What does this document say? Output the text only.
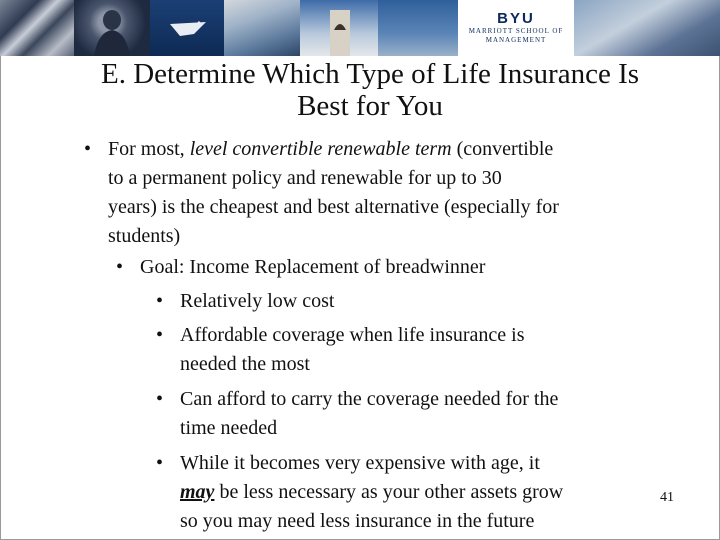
BYU
MARRIOTT SCHOOL OF MANAGEMENT
E. Determine Which Type of Life Insurance Is
Best for You
• For most, level convertible renewable term (convertible
to a permanent policy and renewable for up to 30
years) is the cheapest and best alternative (especially for
students)
• Goal: Income Replacement of breadwinner
• Relatively low cost
• Affordable coverage when life insurance is
needed the most
• Can afford to carry the coverage needed for the
time needed
• While it becomes very expensive with age, it
may be less necessary as your other assets grow
so you may need less insurance in the future
41
